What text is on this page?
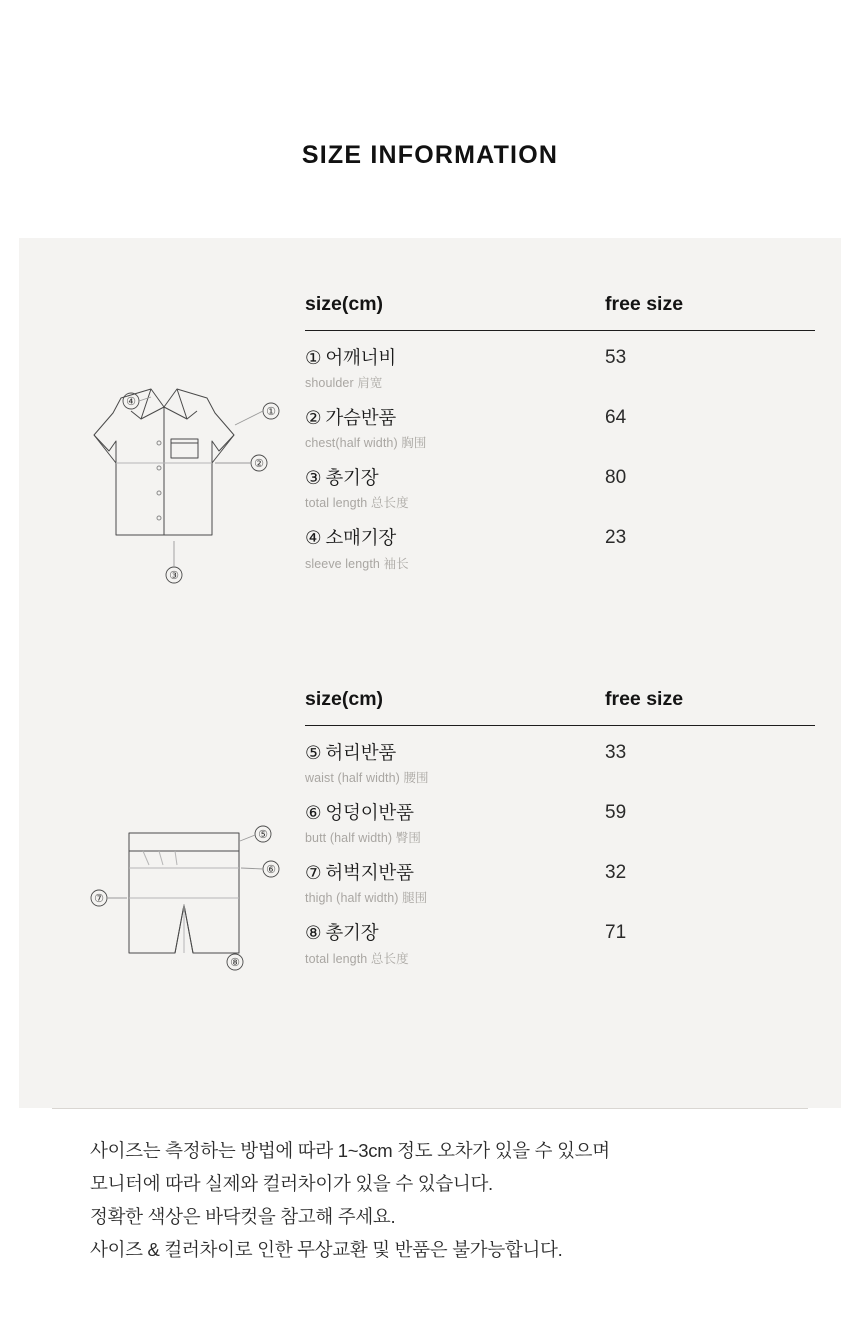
SIZE INFORMATION
④
①
②
③
⑤
⑥
⑦
⑧
size(cm)	free size
① 어깨너비
shoulder 肩宽
53
② 가슴반품
chest(half width) 胸围
64
③ 총기장
total length 总长度
80
④ 소매기장
sleeve length 袖长
23
size(cm)	free size
⑤ 허리반품
waist (half width) 腰围
33
⑥ 엉덩이반품
butt (half width) 臀围
59
⑦ 허벅지반품
thigh (half width) 腿围
32
⑧ 총기장
total length 总长度
71
사이즈는 측정하는 방법에 따라 1~3cm 정도 오차가 있을 수 있으며
모니터에 따라 실제와 컬러차이가 있을 수 있습니다.
정확한 색상은 바닥컷을 참고해 주세요.
사이즈 & 컬러차이로 인한 무상교환 및 반품은 불가능합니다.
